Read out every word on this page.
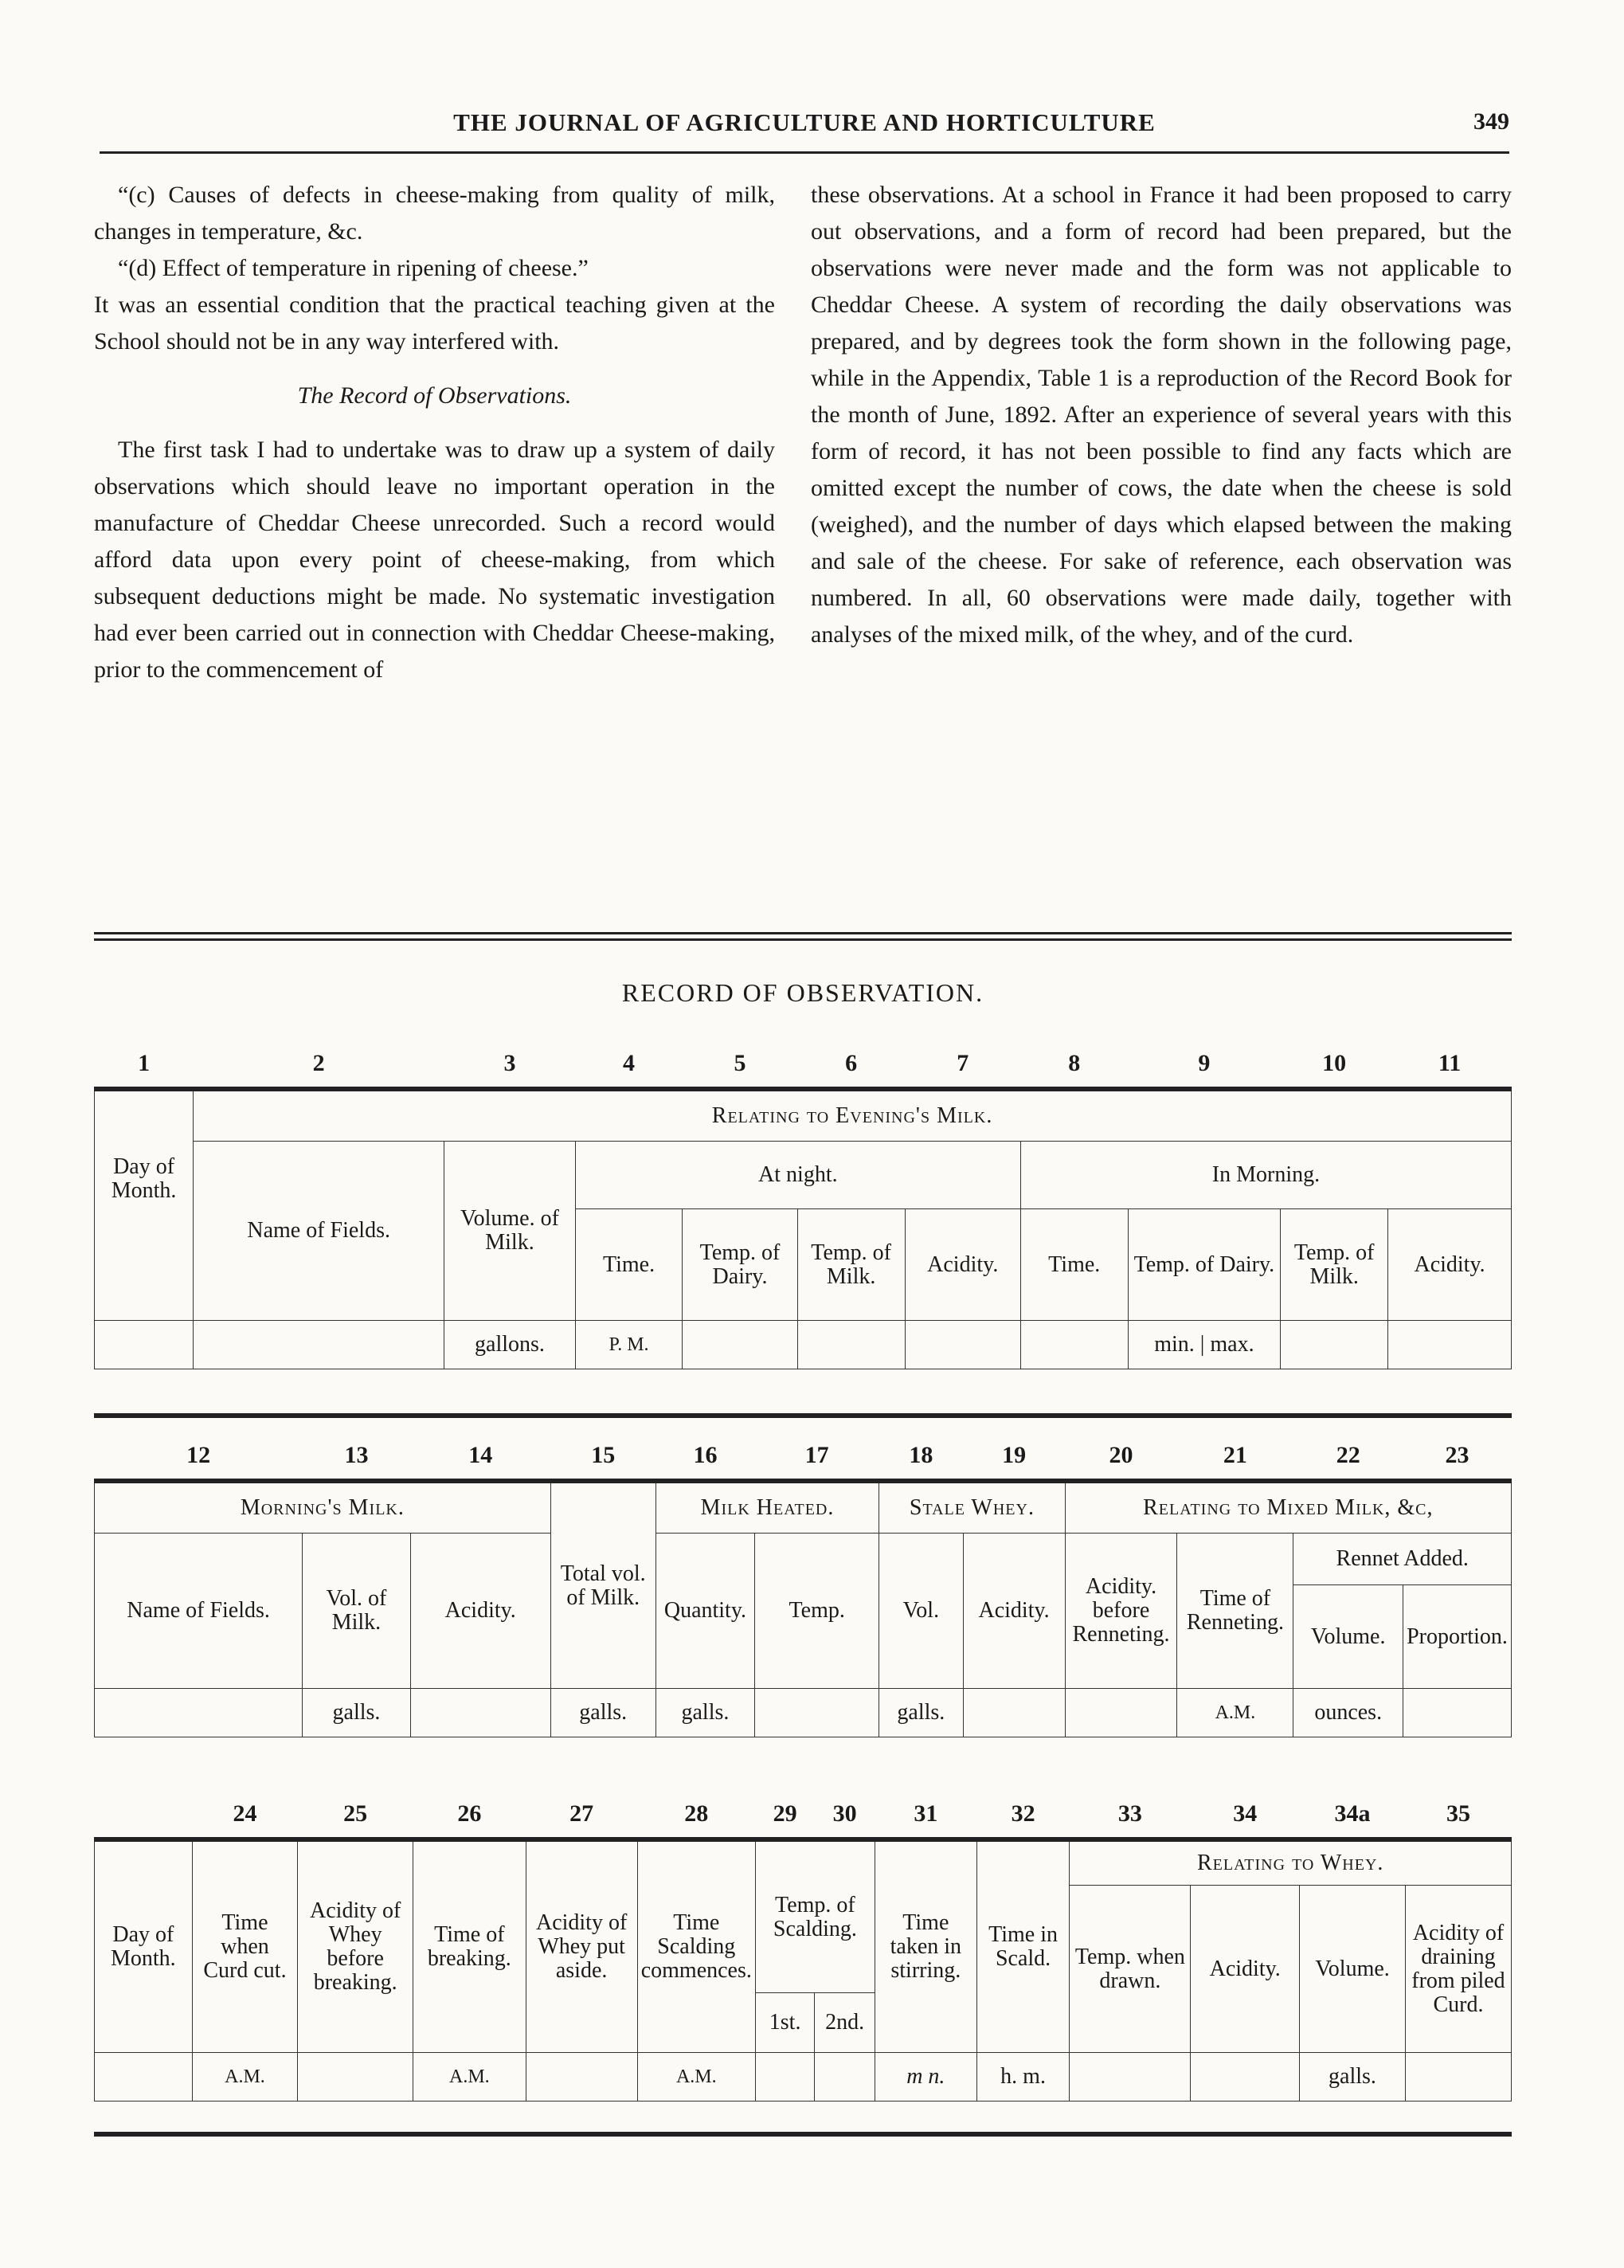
THE JOURNAL OF AGRICULTURE AND HORTICULTURE	349

“(c) Causes of defects in cheese-making from quality of milk, changes in temperature, &c.

“(d) Effect of temperature in ripening of cheese.”

It was an essential condition that the practical teaching given at the School should not be in any way interfered with.

The Record of Observations.

The first task I had to undertake was to draw up a system of daily observations which should leave no important operation in the manufacture of Cheddar Cheese unrecorded. Such a record would afford data upon every point of cheese-making, from which subsequent deductions might be made. No systematic investigation had ever been carried out in connection with Cheddar Cheese-making, prior to the commencement of

these observations. At a school in France it had been proposed to carry out observations, and a form of record had been prepared, but the observations were never made and the form was not applicable to Cheddar Cheese. A system of recording the daily observations was prepared, and by degrees took the form shown in the following page, while in the Appendix, Table 1 is a reproduction of the Record Book for the month of June, 1892. After an experience of several years with this form of record, it has not been possible to find any facts which are omitted except the number of cows, the date when the cheese is sold (weighed), and the number of days which elapsed between the making and sale of the cheese. For sake of reference, each observation was numbered. In all, 60 observations were made daily, together with analyses of the mixed milk, of the whey, and of the curd.

RECORD OF OBSERVATION.
1	2	3	4	5	6	7	8	9	10	11
Day of Month.	Relating to Evening's Milk.									
	Name of Fields.	Volume. of Milk.	At night.				In Morning.			
			Time.	Temp. of Dairy.	Temp. of Milk.	Acidity.	Time.	Temp. of Dairy.	Temp. of Milk.	Acidity.
		gallons.	P. M.					min. | max.		
12	13	14	15	16	17	18	19	20	21	22	23
Morning's Milk.			Total vol. of Milk.	Milk Heated.		Stale Whey.		Relating to Mixed Milk, &c,			
Name of Fields.	Vol. of Milk.	Acidity.		Quantity.	Temp.	Vol.	Acidity.	Acidity. before Renneting.	Time of Renneting.	Rennet Added.	
										Volume.	Proportion.
	galls.		galls.	galls.		galls.			A.M.	ounces.	
	24	25	26	27	28	29	30	31	32	33	34	34a	35
Day of Month.	Time when Curd cut.	Acidity of Whey before breaking.	Time of breaking.	Acidity of Whey put aside.	Time Scalding commences.	Temp. of Scalding.		Time taken in stirring.	Time in Scald.	Relating to Whey.			
										Temp. when drawn.	Acidity.	Volume.	Acidity of draining from piled Curd.
						1st.	2nd.						
	A.M.		A.M.		A.M.			m n.	h. m.			galls.	
